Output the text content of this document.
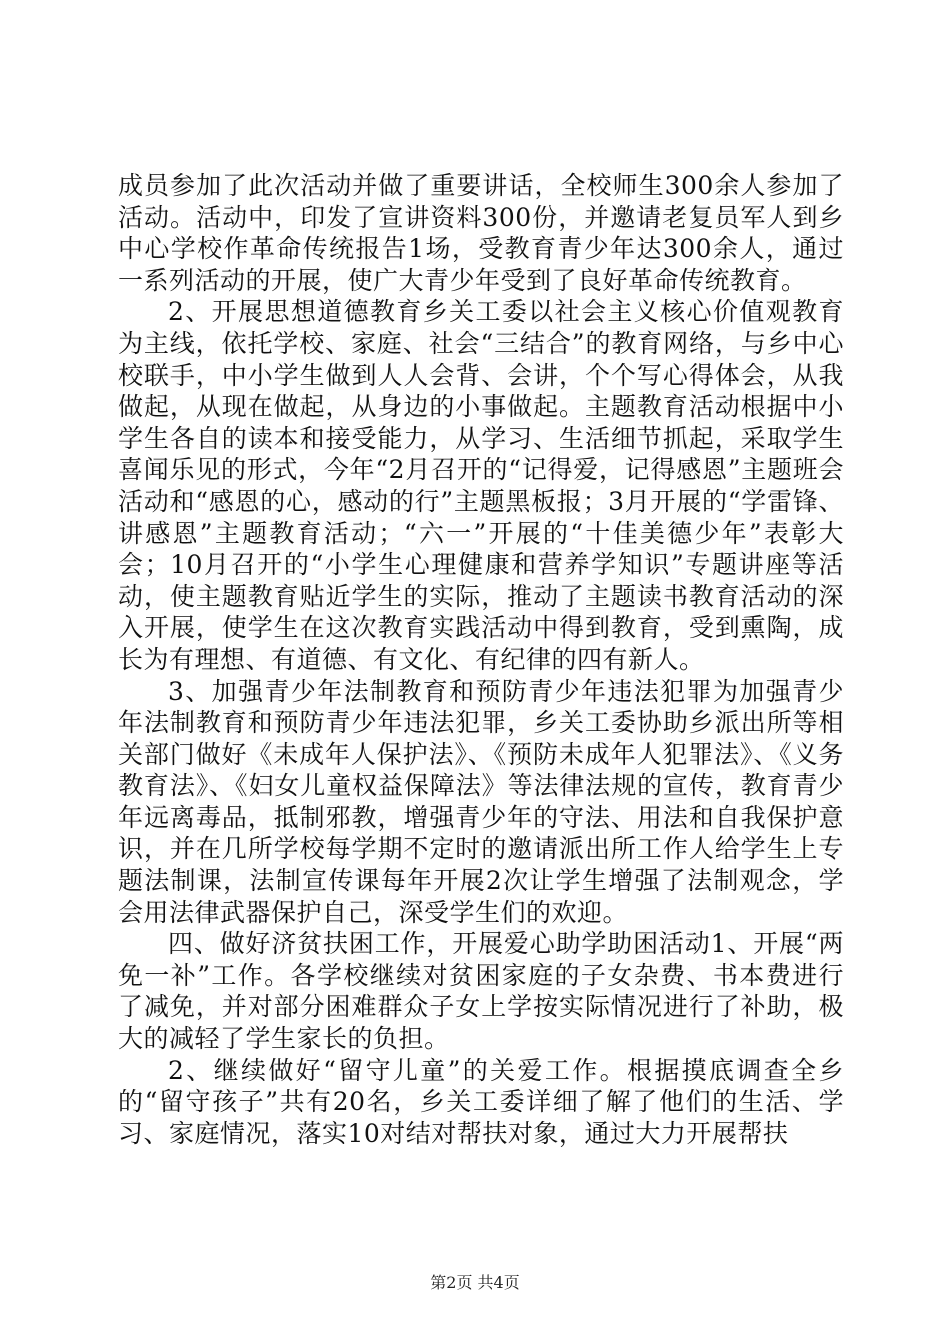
成员参加了此次活动并做了重要讲话，全校师生300余人参加了活动。活动中，印发了宣讲资料300份，并邀请老复员军人到乡中心学校作革命传统报告1场，受教育青少年达300余人，通过一系列活动的开展，使广大青少年受到了良好革命传统教育。

2、开展思想道德教育乡关工委以社会主义核心价值观教育为主线，依托学校、家庭、社会“三结合”的教育网络，与乡中心校联手，中小学生做到人人会背、会讲，个个写心得体会，从我做起，从现在做起，从身边的小事做起。主题教育活动根据中小学生各自的读本和接受能力，从学习、生活细节抓起，采取学生喜闻乐见的形式，今年“2月召开的“记得爱，记得感恩”主题班会活动和“感恩的心，感动的行”主题黑板报；3月开展的“学雷锋、讲感恩”主题教育活动；“六一”开展的“十佳美德少年”表彰大会；10月召开的“小学生心理健康和营养学知识”专题讲座等活动，使主题教育贴近学生的实际，推动了主题读书教育活动的深入开展，使学生在这次教育实践活动中得到教育，受到熏陶，成长为有理想、有道德、有文化、有纪律的四有新人。

3、加强青少年法制教育和预防青少年违法犯罪为加强青少年法制教育和预防青少年违法犯罪，乡关工委协助乡派出所等相关部门做好《未成年人保护法》、《预防未成年人犯罪法》、《义务教育法》、《妇女儿童权益保障法》等法律法规的宣传，教育青少年远离毒品，抵制邪教，增强青少年的守法、用法和自我保护意识，并在几所学校每学期不定时的邀请派出所工作人给学生上专题法制课，法制宣传课每年开展2次让学生增强了法制观念，学会用法律武器保护自己，深受学生们的欢迎。

四、做好济贫扶困工作，开展爱心助学助困活动1、开展“两免一补”工作。各学校继续对贫困家庭的子女杂费、书本费进行了减免，并对部分困难群众子女上学按实际情况进行了补助，极大的减轻了学生家长的负担。

2、继续做好“留守儿童”的关爱工作。根据摸底调查全乡的“留守孩子”共有20名，乡关工委详细了解了他们的生活、学习、家庭情况，落实10对结对帮扶对象，通过大力开展帮扶

第2页 共4页
